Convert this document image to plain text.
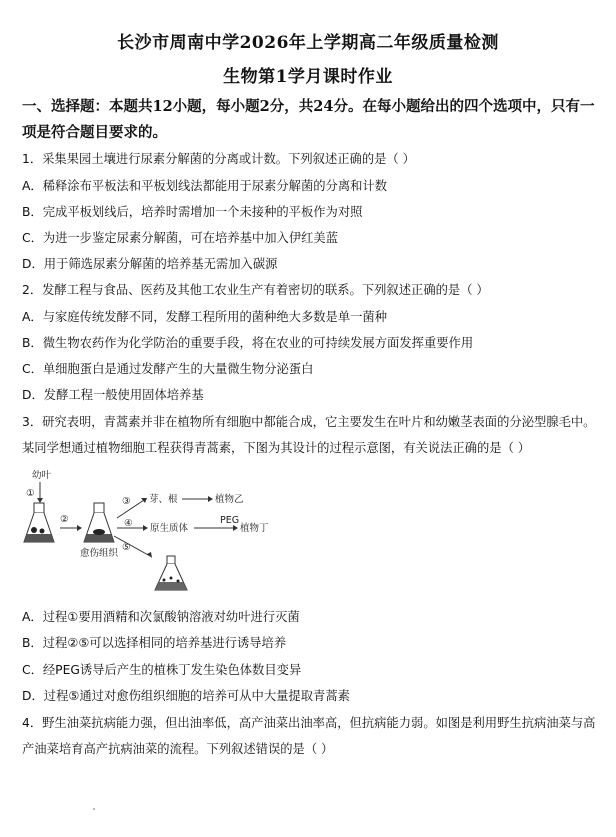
长沙市周南中学2026年上学期高二年级质量检测
生物第1学月课时作业
一、选择题：本题共12小题，每小题2分，共24分。在每小题给出的四个选项中，只有一
项是符合题目要求的。
1．采集果园土壤进行尿素分解菌的分离或计数。下列叙述正确的是（ ）
A．稀释涂布平板法和平板划线法都能用于尿素分解菌的分离和计数
B．完成平板划线后，培养时需增加一个未接种的平板作为对照
C．为进一步鉴定尿素分解菌，可在培养基中加入伊红美蓝
D．用于筛选尿素分解菌的培养基无需加入碳源
2．发酵工程与食品、医药及其他工农业生产有着密切的联系。下列叙述正确的是（ ）
A．与家庭传统发酵不同，发酵工程所用的菌种绝大多数是单一菌种
B．微生物农药作为化学防治的重要手段，将在农业的可持续发展方面发挥重要作用
C．单细胞蛋白是通过发酵产生的大量微生物分泌蛋白
D．发酵工程一般使用固体培养基
3．研究表明，青蒿素并非在植物所有细胞中都能合成，它主要发生在叶片和幼嫩茎表面的分泌型腺毛中。
某同学想通过植物细胞工程获得青蒿素，下图为其设计的过程示意图，有关说法正确的是（ ）
幼叶
①
②
愈伤组织
③ 芽、根	植物乙
④ 原生质体
PEG
植物丁
⑤
A．过程①要用酒精和次氯酸钠溶液对幼叶进行灭菌
B．过程②⑤可以选择相同的培养基进行诱导培养
C．经PEG诱导后产生的植株丁发生染色体数目变异
D．过程⑤通过对愈伤组织细胞的培养可从中大量提取青蒿素
4．野生油菜抗病能力强，但出油率低，高产油菜出油率高，但抗病能力弱。如图是利用野生抗病油菜与高
产油菜培育高产抗病油菜的流程。下列叙述错误的是（ ）
